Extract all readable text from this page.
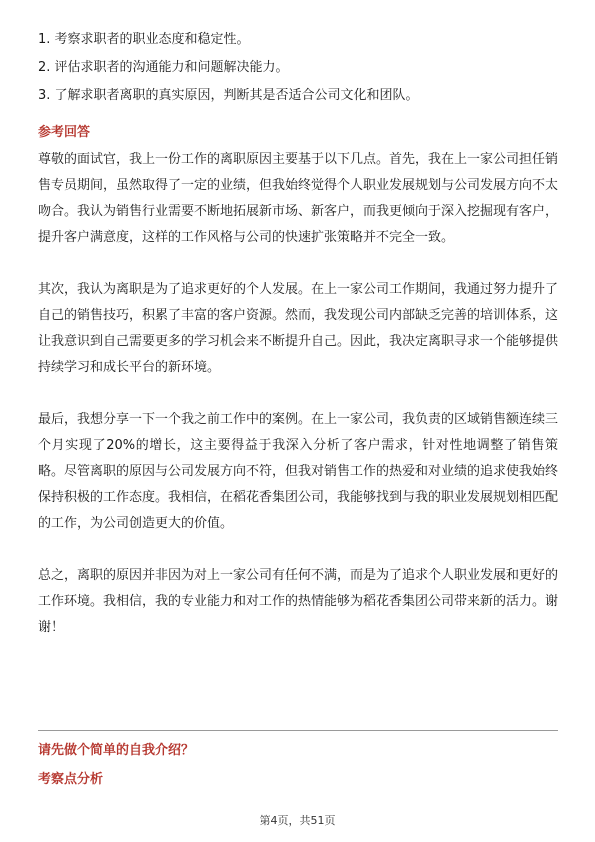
1. 考察求职者的职业态度和稳定性。
2. 评估求职者的沟通能力和问题解决能力。
3. 了解求职者离职的真实原因，判断其是否适合公司文化和团队。
参考回答

尊敬的面试官，我上一份工作的离职原因主要基于以下几点。首先，我在上一家公司担任销售专员期间，虽然取得了一定的业绩，但我始终觉得个人职业发展规划与公司发展方向不太吻合。我认为销售行业需要不断地拓展新市场、新客户，而我更倾向于深入挖掘现有客户，提升客户满意度，这样的工作风格与公司的快速扩张策略并不完全一致。

其次，我认为离职是为了追求更好的个人发展。在上一家公司工作期间，我通过努力提升了自己的销售技巧，积累了丰富的客户资源。然而，我发现公司内部缺乏完善的培训体系，这让我意识到自己需要更多的学习机会来不断提升自己。因此，我决定离职寻求一个能够提供持续学习和成长平台的新环境。

最后，我想分享一下一个我之前工作中的案例。在上一家公司，我负责的区域销售额连续三个月实现了20%的增长，这主要得益于我深入分析了客户需求，针对性地调整了销售策略。尽管离职的原因与公司发展方向不符，但我对销售工作的热爱和对业绩的追求使我始终保持积极的工作态度。我相信，在稻花香集团公司，我能够找到与我的职业发展规划相匹配的工作，为公司创造更大的价值。

总之，离职的原因并非因为对上一家公司有任何不满，而是为了追求个人职业发展和更好的工作环境。我相信，我的专业能力和对工作的热情能够为稻花香集团公司带来新的活力。谢谢！

请先做个简单的自我介绍？
考察点分析
第4页，共51页
